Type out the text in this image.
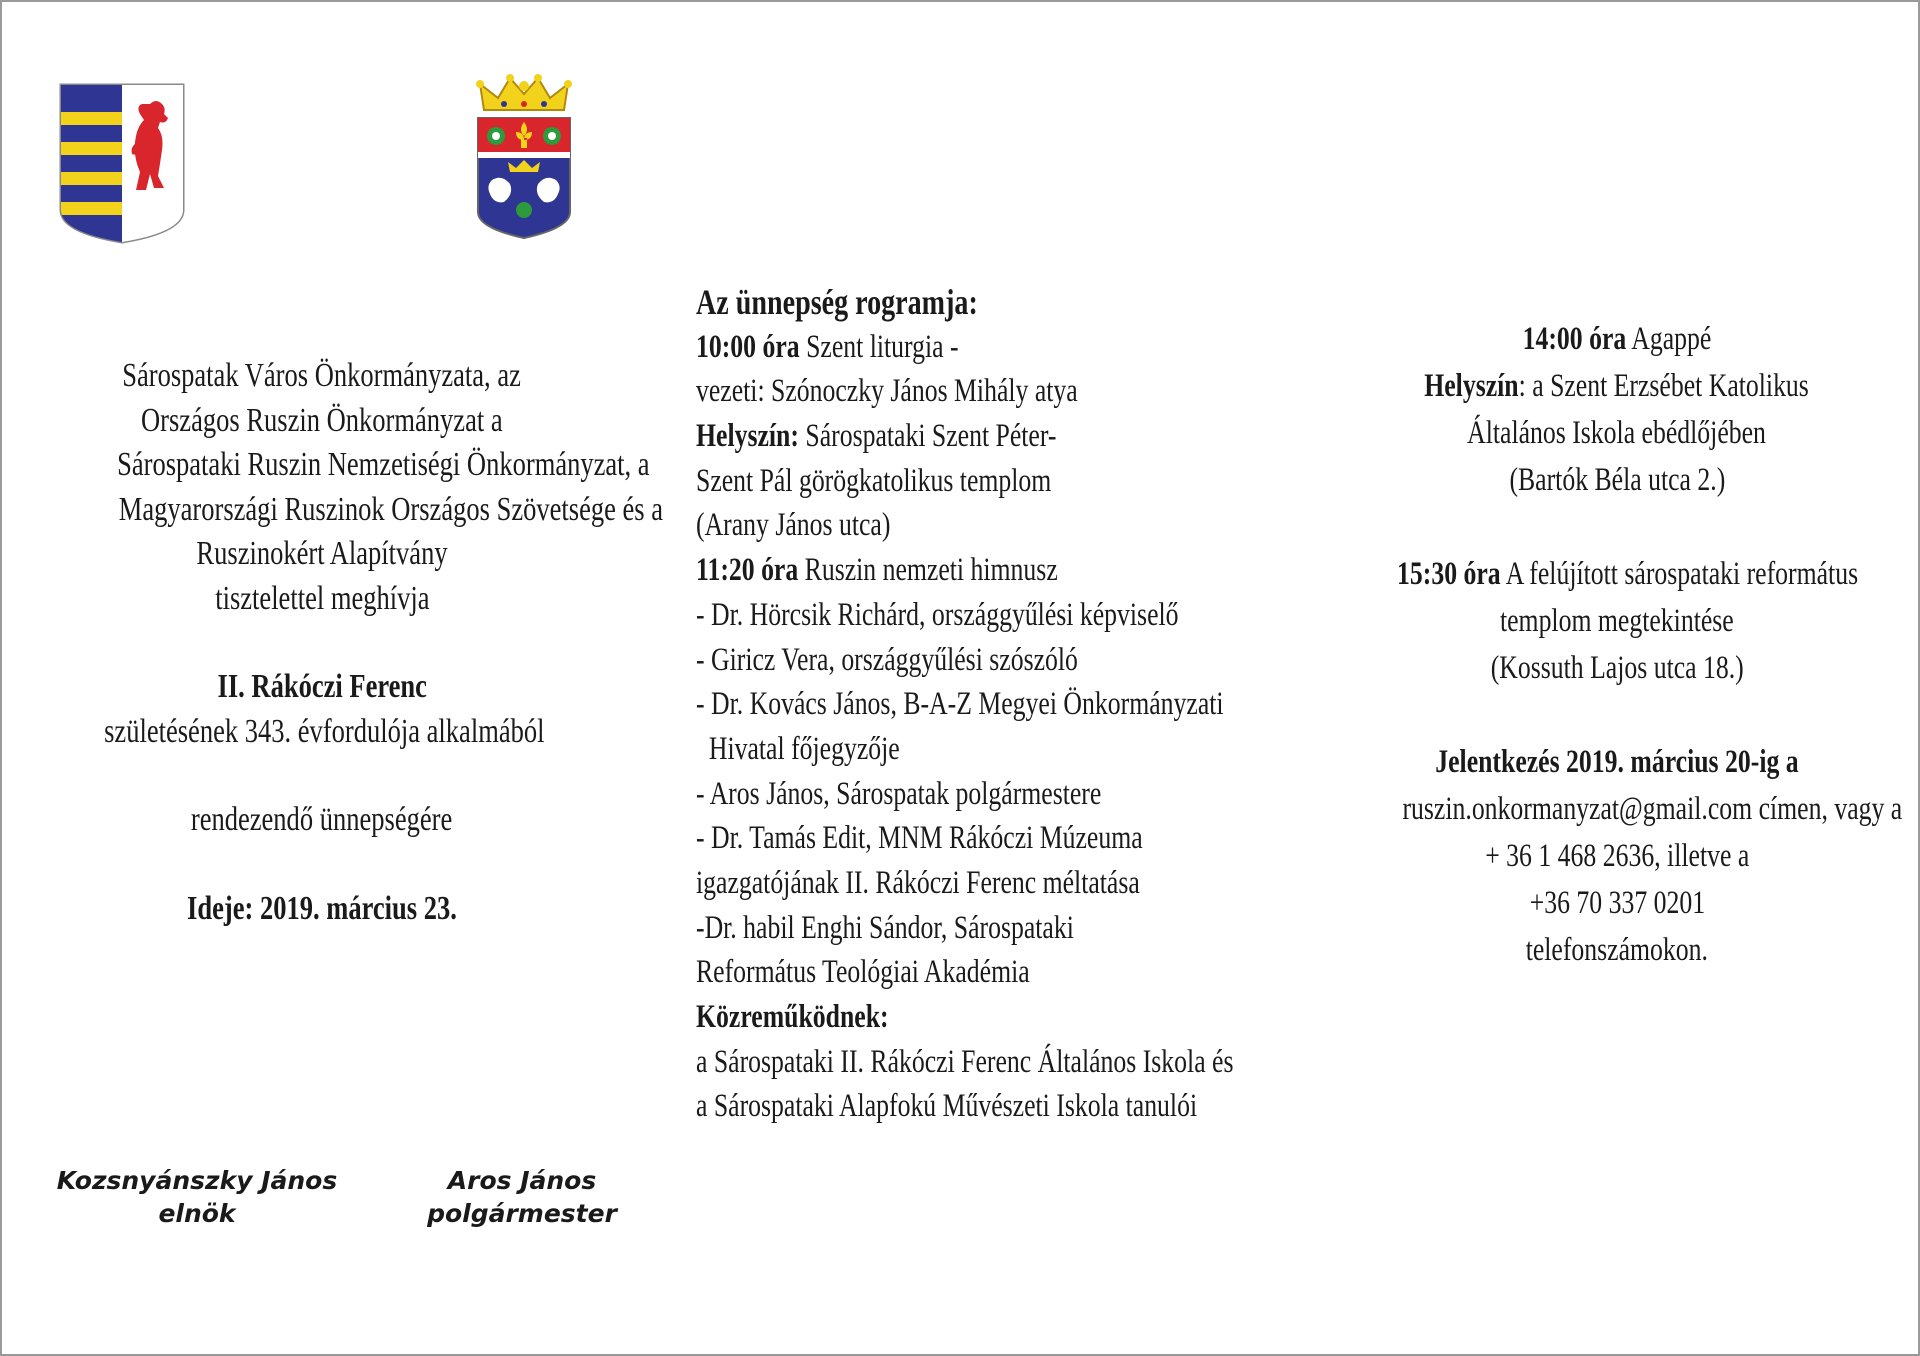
Sárospatak Város Önkormányzata, az
Országos Ruszin Önkormányzat a
Sárospataki Ruszin Nemzetiségi Önkormányzat, a
Magyarországi Ruszinok Országos Szövetsége és a
Ruszinokért Alapítvány
tisztelettel meghívja
II. Rákóczi Ferenc
születésének 343. évfordulója alkalmából
rendezendő ünnepségére
Ideje: 2019. március 23.
Az ünnepség rogramja:
10:00 óra Szent liturgia -
vezeti: Szónoczky János Mihály atya
Helyszín: Sárospataki Szent Péter-
Szent Pál görögkatolikus templom
(Arany János utca)
11:20 óra Ruszin nemzeti himnusz
- Dr. Hörcsik Richárd, országgyűlési képviselő
- Giricz Vera, országgyűlési szószóló
- Dr. Kovács János, B-A-Z Megyei Önkormányzati
Hivatal főjegyzője
- Aros János, Sárospatak polgármestere
- Dr. Tamás Edit, MNM Rákóczi Múzeuma
igazgatójának II. Rákóczi Ferenc méltatása
-Dr. habil Enghi Sándor, Sárospataki
Református Teológiai Akadémia
Közreműködnek:
a Sárospataki II. Rákóczi Ferenc Általános Iskola és
a Sárospataki Alapfokú Művészeti Iskola tanulói
14:00 óra Agappé
Helyszín: a Szent Erzsébet Katolikus
Általános Iskola ebédlőjében
(Bartók Béla utca 2.)
15:30 óra A felújított sárospataki református
templom megtekintése
(Kossuth Lajos utca 18.)
Jelentkezés 2019. március 20-ig a
ruszin.onkormanyzat@gmail.com címen, vagy a
+ 36 1 468 2636, illetve a
+36 70 337 0201
telefonszámokon.
Kozsnyánszky János
elnök
Aros János
polgármester
